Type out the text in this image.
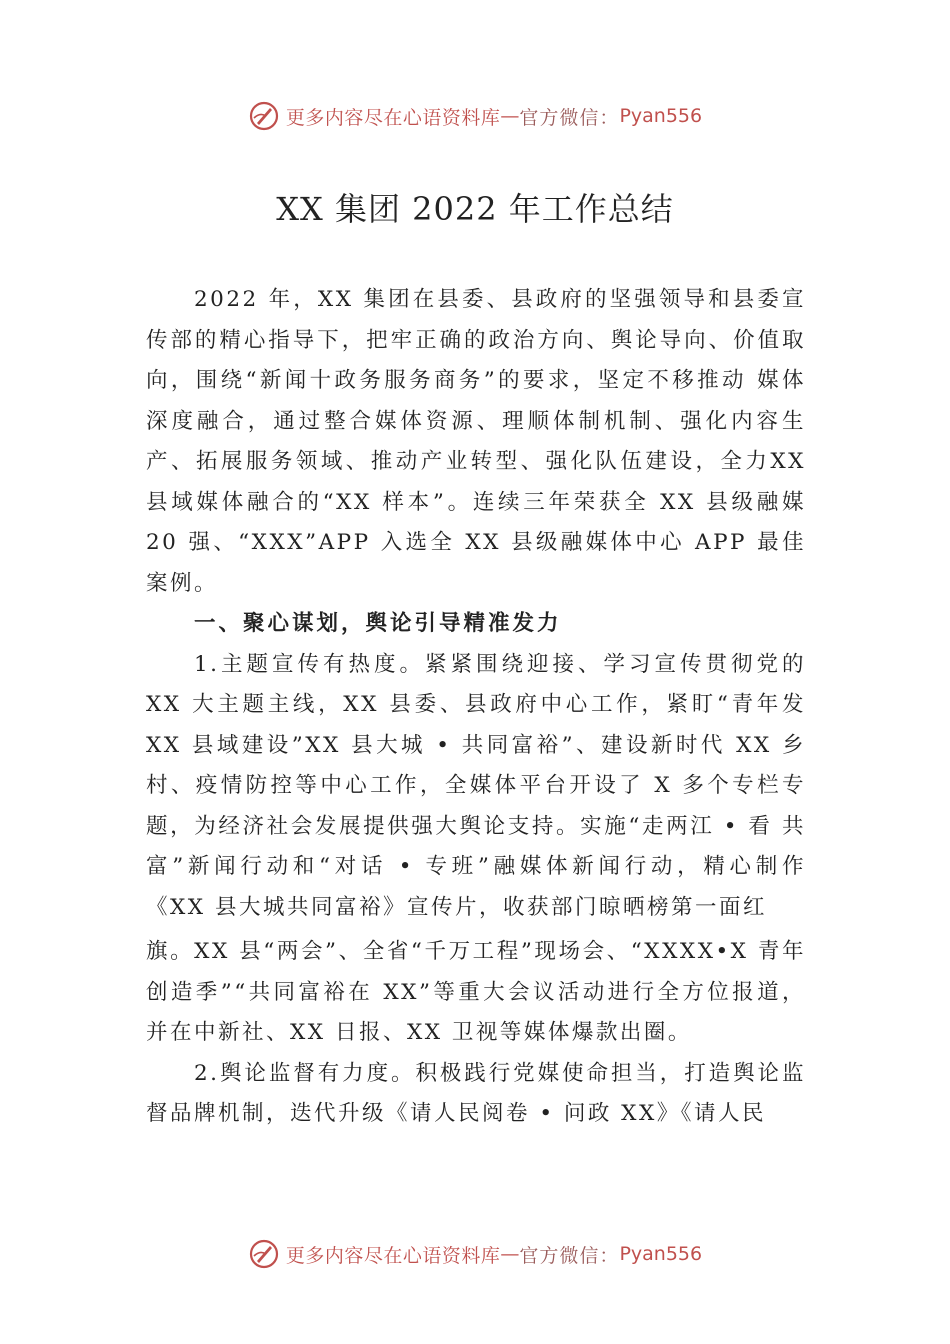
更多内容尽在心语资料库 — 官方微信： Pyan556
XX 集团 2022 年工作总结

2022 年，XX 集团在县委、县政府的坚强领导和县委宣传部的精心指导下，把牢正确的政治方向、舆论导向、价值取向，围绕“新闻十政务服务商务”的要求，坚定不移推动 媒体深度融合，通过整合媒体资源、理顺体制机制、强化内容生产、拓展服务领域、推动产业转型、强化队伍建设，全力XX 县域媒体融合的“XX 样本”。连续三年荣获全 XX 县级融媒 20 强、“XXX”APP 入选全 XX 县级融媒体中心 APP 最佳案例。

一、聚心谋划，舆论引导精准发力

1.主题宣传有热度。紧紧围绕迎接、学习宣传贯彻党的XX 大主题主线，XX 县委、县政府中心工作，紧盯“青年发 XX 县域建设”XX 县大城 • 共同富裕”、建设新时代 XX 乡村、疫情防控等中心工作，全媒体平台开设了 X 多个专栏专题，为经济社会发展提供强大舆论支持。实施“走两江 • 看 共富”新闻行动和“对话 • 专班”融媒体新闻行动，精心制作《XX 县大城共同富裕》宣传片，收获部门晾晒榜第一面红

旗。XX 县“两会”、全省“千万工程”现场会、“XXXX•X 青年创造季”“共同富裕在 XX”等重大会议活动进行全方位报道，并在中新社、XX 日报、XX 卫视等媒体爆款出圈。

2.舆论监督有力度。积极践行党媒使命担当，打造舆论监督品牌机制，迭代升级《请人民阅卷 • 问政 XX》《请人民

更多内容尽在心语资料库 — 官方微信： Pyan556
